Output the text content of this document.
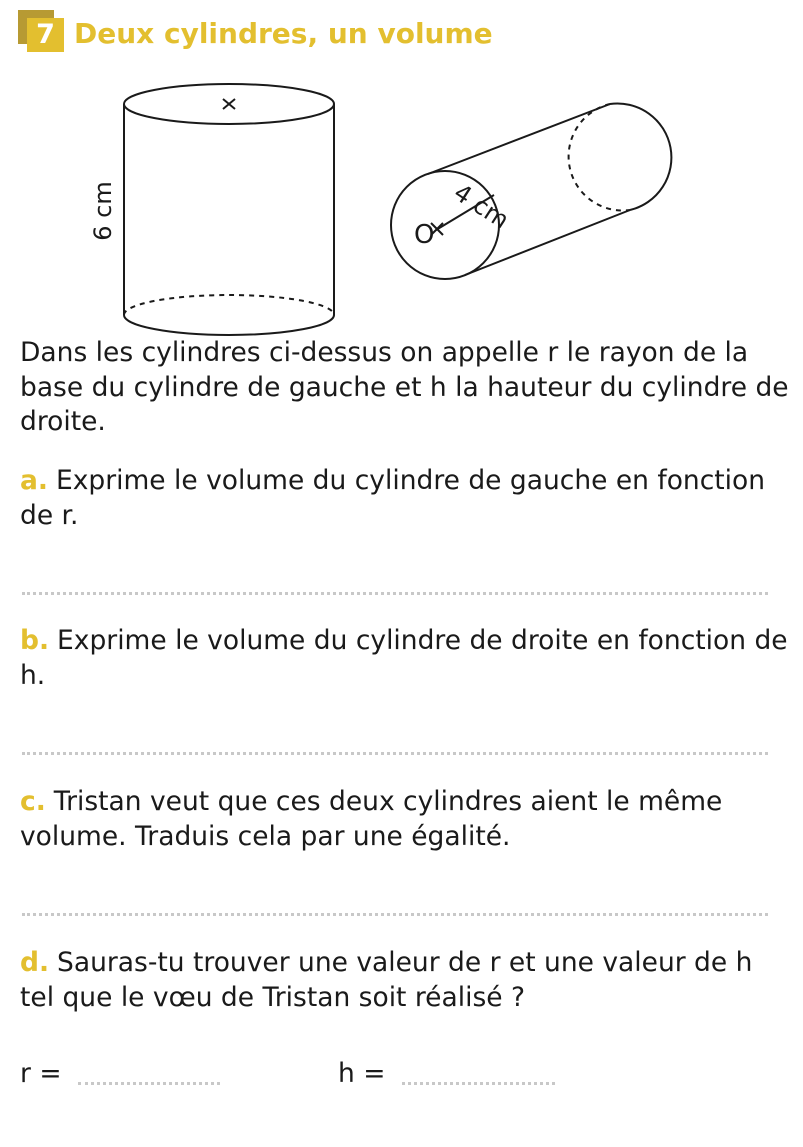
7 Deux cylindres, un volume
6 cm	4 cm
O
Dans les cylindres ci-dessus on appelle r le rayon de la base du cylindre de gauche et h la hauteur du cylindre de droite.
a. Exprime le volume du cylindre de gauche en fonction de r.
b. Exprime le volume du cylindre de droite en fonction de h.
c. Tristan veut que ces deux cylindres aient le même volume. Traduis cela par une égalité.
d. Sauras-tu trouver une valeur de r et une valeur de h tel que le vœu de Tristan soit réalisé ?
r =	h =
